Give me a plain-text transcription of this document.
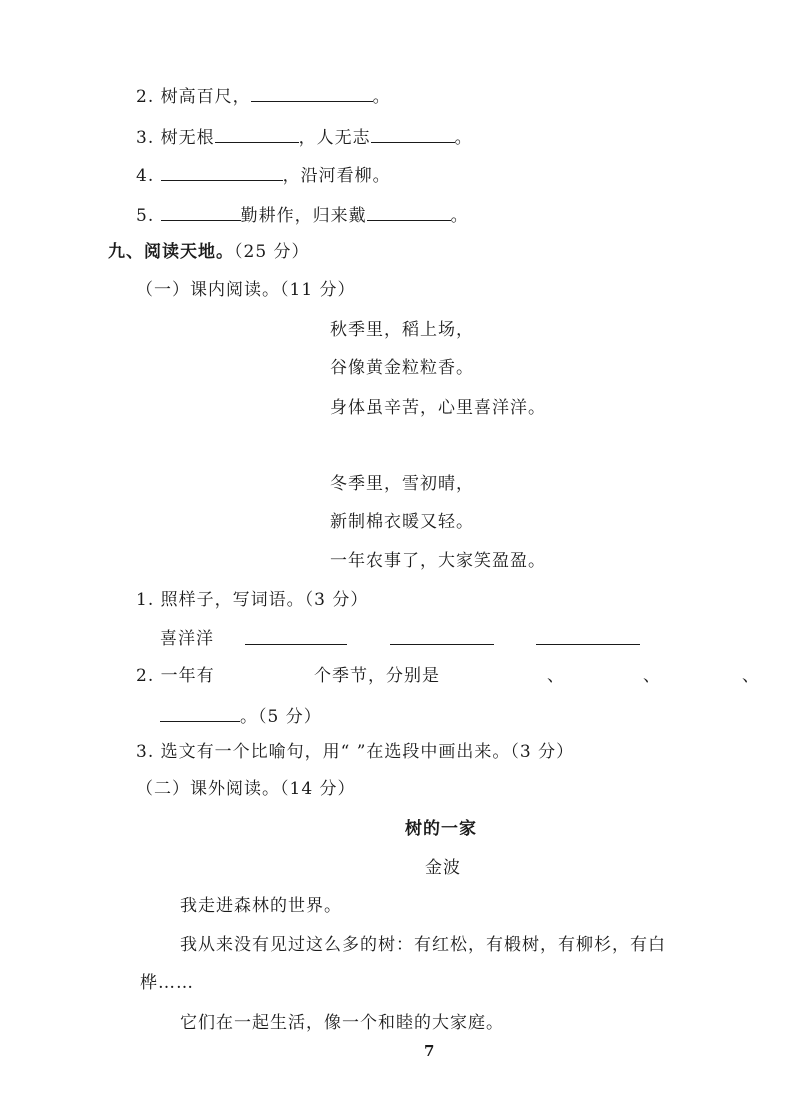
2. 树高百尺，	。
3. 树无根	，人无志	。
4.	，沿河看柳。
5.	勤耕作，归来戴	。
九、阅读天地。（25 分）
（一）课内阅读。（11 分）
秋季里，稻上场，
谷像黄金粒粒香。
身体虽辛苦，心里喜洋洋。
冬季里，雪初晴，
新制棉衣暖又轻。
一年农事了，大家笑盈盈。
1. 照样子，写词语。（3 分）
喜洋洋
2. 一年有	个季节，分别是	、	、	、
。（5 分）
3. 选文有一个比喻句，用“ ”在选段中画出来。（3 分）
（二）课外阅读。（14 分）
树的一家
金波
我走进森林的世界。
我从来没有见过这么多的树：有红松，有椴树，有柳杉，有白
桦……
它们在一起生活，像一个和睦的大家庭。
7
